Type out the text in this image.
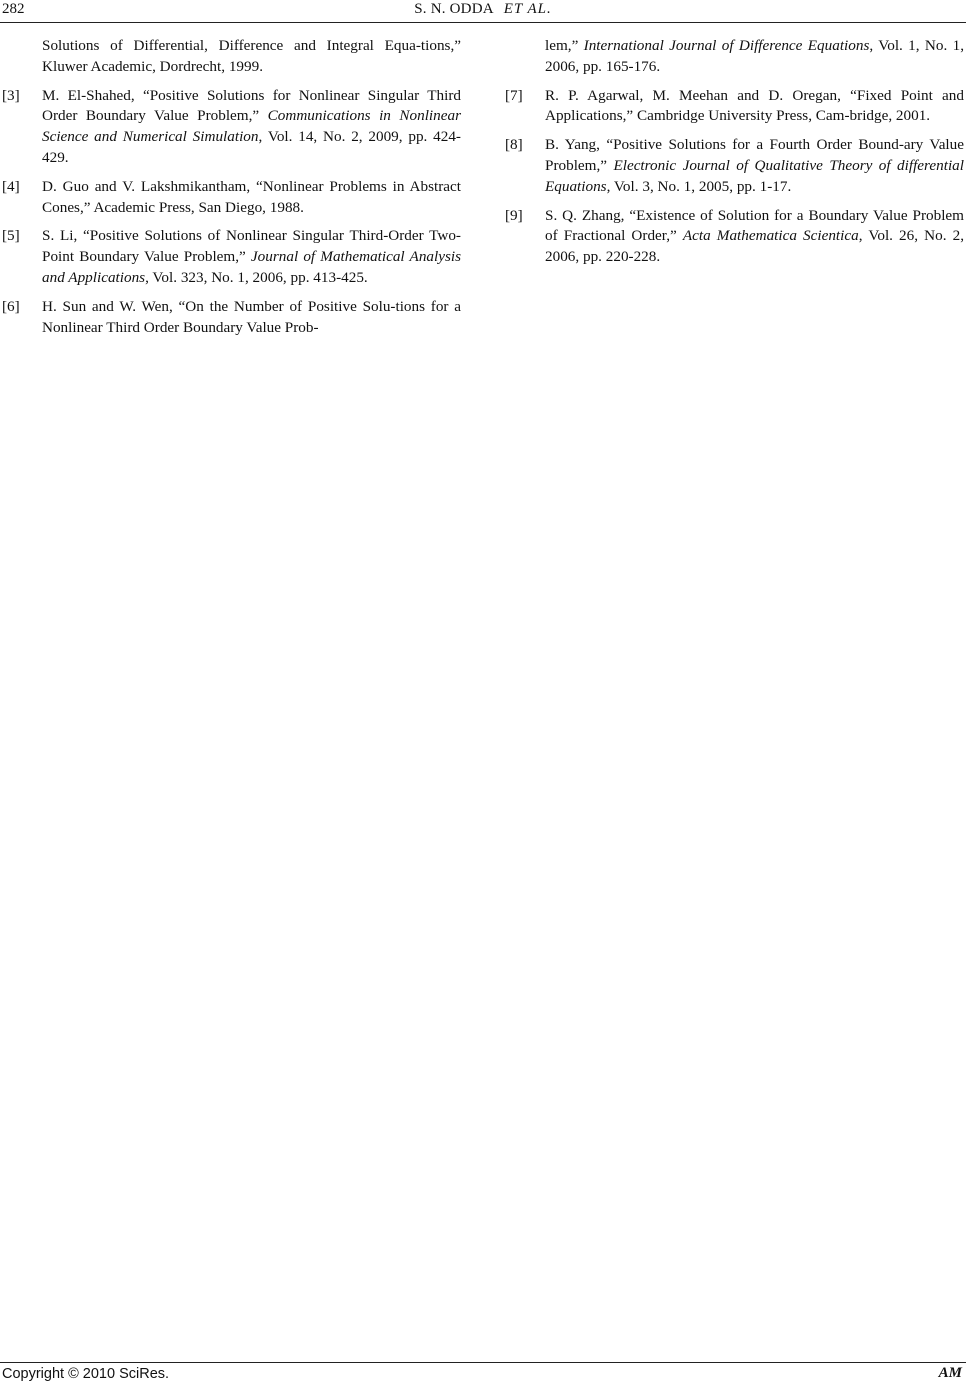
282	S. N. ODDA ET AL.
Solutions of Differential, Difference and Integral Equa-tions,” Kluwer Academic, Dordrecht, 1999.
[3] M. El-Shahed, “Positive Solutions for Nonlinear Singular Third Order Boundary Value Problem,” Communications in Nonlinear Science and Numerical Simulation, Vol. 14, No. 2, 2009, pp. 424-429.
[4] D. Guo and V. Lakshmikantham, “Nonlinear Problems in Abstract Cones,” Academic Press, San Diego, 1988.
[5] S. Li, “Positive Solutions of Nonlinear Singular Third-Order Two-Point Boundary Value Problem,” Journal of Mathematical Analysis and Applications, Vol. 323, No. 1, 2006, pp. 413-425.
[6] H. Sun and W. Wen, “On the Number of Positive Solu-tions for a Nonlinear Third Order Boundary Value Prob-
lem,” International Journal of Difference Equations, Vol. 1, No. 1, 2006, pp. 165-176.
[7] R. P. Agarwal, M. Meehan and D. Oregan, “Fixed Point and Applications,” Cambridge University Press, Cam-bridge, 2001.
[8] B. Yang, “Positive Solutions for a Fourth Order Bound-ary Value Problem,” Electronic Journal of Qualitative Theory of differential Equations, Vol. 3, No. 1, 2005, pp. 1-17.
[9] S. Q. Zhang, “Existence of Solution for a Boundary Value Problem of Fractional Order,” Acta Mathematica Scientica, Vol. 26, No. 2, 2006, pp. 220-228.
Copyright © 2010 SciRes.	AM
